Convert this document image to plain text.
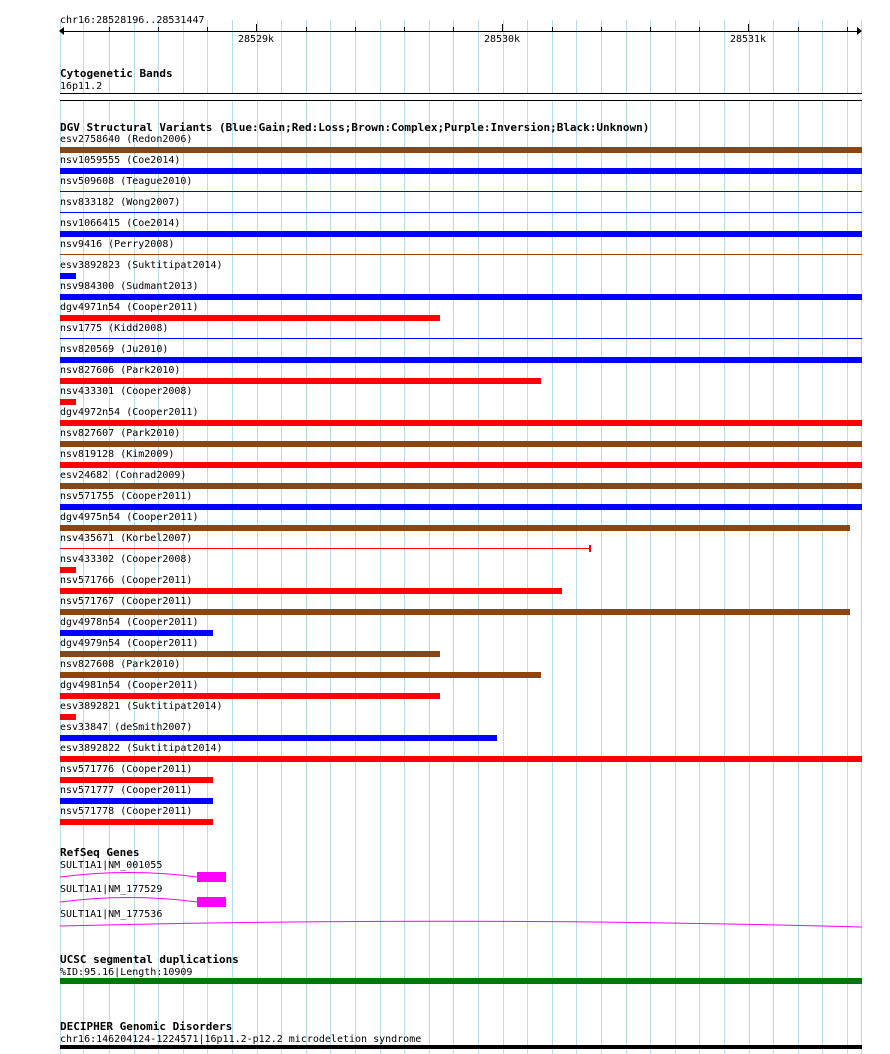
chr16:28528196..28531447
28529k	28530k	28531k
Cytogenetic Bands
16p11.2
DGV Structural Variants (Blue:Gain;Red:Loss;Brown:Complex;Purple:Inversion;Black:Unknown)
esv2758640 (Redon2006)
nsv1059555 (Coe2014)
nsv509608 (Teague2010)
nsv833182 (Wong2007)
nsv1066415 (Coe2014)
nsv9416 (Perry2008)
esv3892823 (Suktitipat2014)
nsv984300 (Sudmant2013)
dgv4971n54 (Cooper2011)
nsv1775 (Kidd2008)
nsv820569 (Ju2010)
nsv827606 (Park2010)
nsv433301 (Cooper2008)
dgv4972n54 (Cooper2011)
nsv827607 (Park2010)
nsv819128 (Kim2009)
esv24682 (Conrad2009)
nsv571755 (Cooper2011)
dgv4975n54 (Cooper2011)
nsv435671 (Korbel2007)
nsv433302 (Cooper2008)
nsv571766 (Cooper2011)
nsv571767 (Cooper2011)
dgv4978n54 (Cooper2011)
dgv4979n54 (Cooper2011)
nsv827608 (Park2010)
dgv4981n54 (Cooper2011)
esv3892821 (Suktitipat2014)
esv33847 (deSmith2007)
esv3892822 (Suktitipat2014)
nsv571776 (Cooper2011)
nsv571777 (Cooper2011)
nsv571778 (Cooper2011)
RefSeq Genes
SULT1A1|NM_001055
SULT1A1|NM_177529
SULT1A1|NM_177536
UCSC segmental duplications
%ID:95.16|Length:10909
DECIPHER Genomic Disorders
chr16:146204124-1224571|16p11.2-p12.2 microdeletion syndrome
